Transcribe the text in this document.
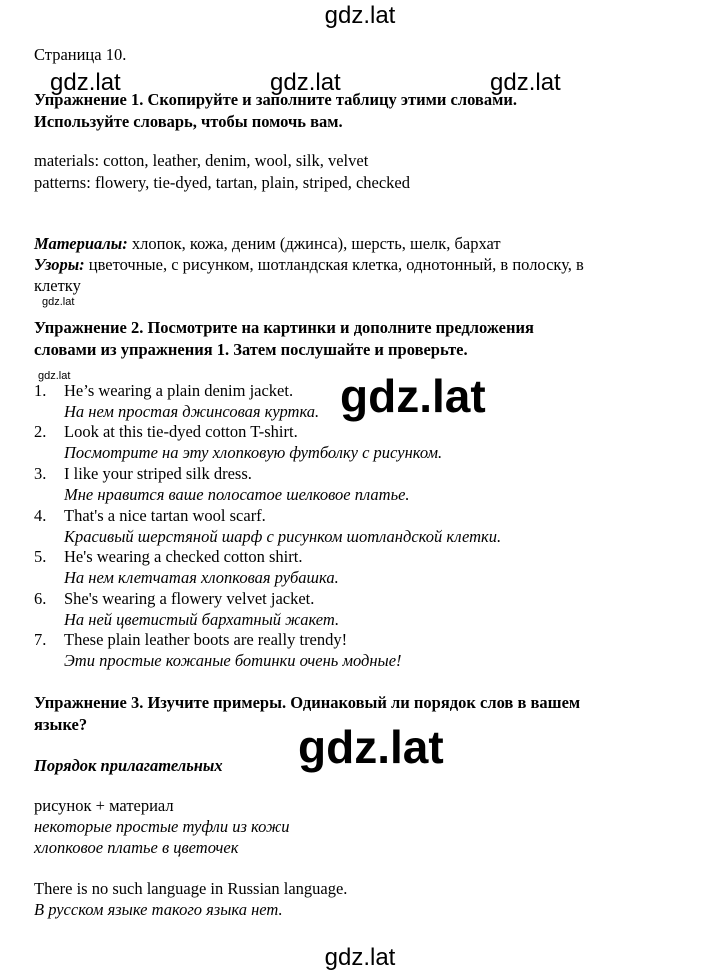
gdz.lat
gdz.lat	gdz.lat	gdz.lat
gdz.lat
gdz.lat	gdz.lat
gdz.lat
gdz.lat
Страница 10.
Упражнение 1. Скопируйте и заполните таблицу этими словами.
Используйте словарь, чтобы помочь вам.
materials: cotton, leather, denim, wool, silk, velvet
patterns: flowery, tie-dyed, tartan, plain, striped, checked
Материалы: хлопок, кожа, деним (джинса), шерсть, шелк, бархат
Узоры: цветочные, с рисунком, шотландская клетка, однотонный, в полоску, в
клетку
Упражнение 2. Посмотрите на картинки и дополните предложения
словами из упражнения 1. Затем послушайте и проверьте.
1. He’s wearing a plain denim jacket.
На нем простая джинсовая куртка.
2. Look at this tie-dyed cotton T-shirt.
Посмотрите на эту хлопковую футболку с рисунком.
3. I like your striped silk dress.
Мне нравится ваше полосатое шелковое платье.
4. That's a nice tartan wool scarf.
Красивый шерстяной шарф с рисунком шотландской клетки.
5. He's wearing a checked cotton shirt.
На нем клетчатая хлопковая рубашка.
6. She's wearing a flowery velvet jacket.
На ней цветистый бархатный жакет.
7. These plain leather boots are really trendy!
Эти простые кожаные ботинки очень модные!
Упражнение 3. Изучите примеры. Одинаковый ли порядок слов в вашем
языке?
Порядок прилагательных
рисунок + материал
некоторые простые туфли из кожи
хлопковое платье в цветочек
There is no such language in Russian language.
В русском языке такого языка нет.
